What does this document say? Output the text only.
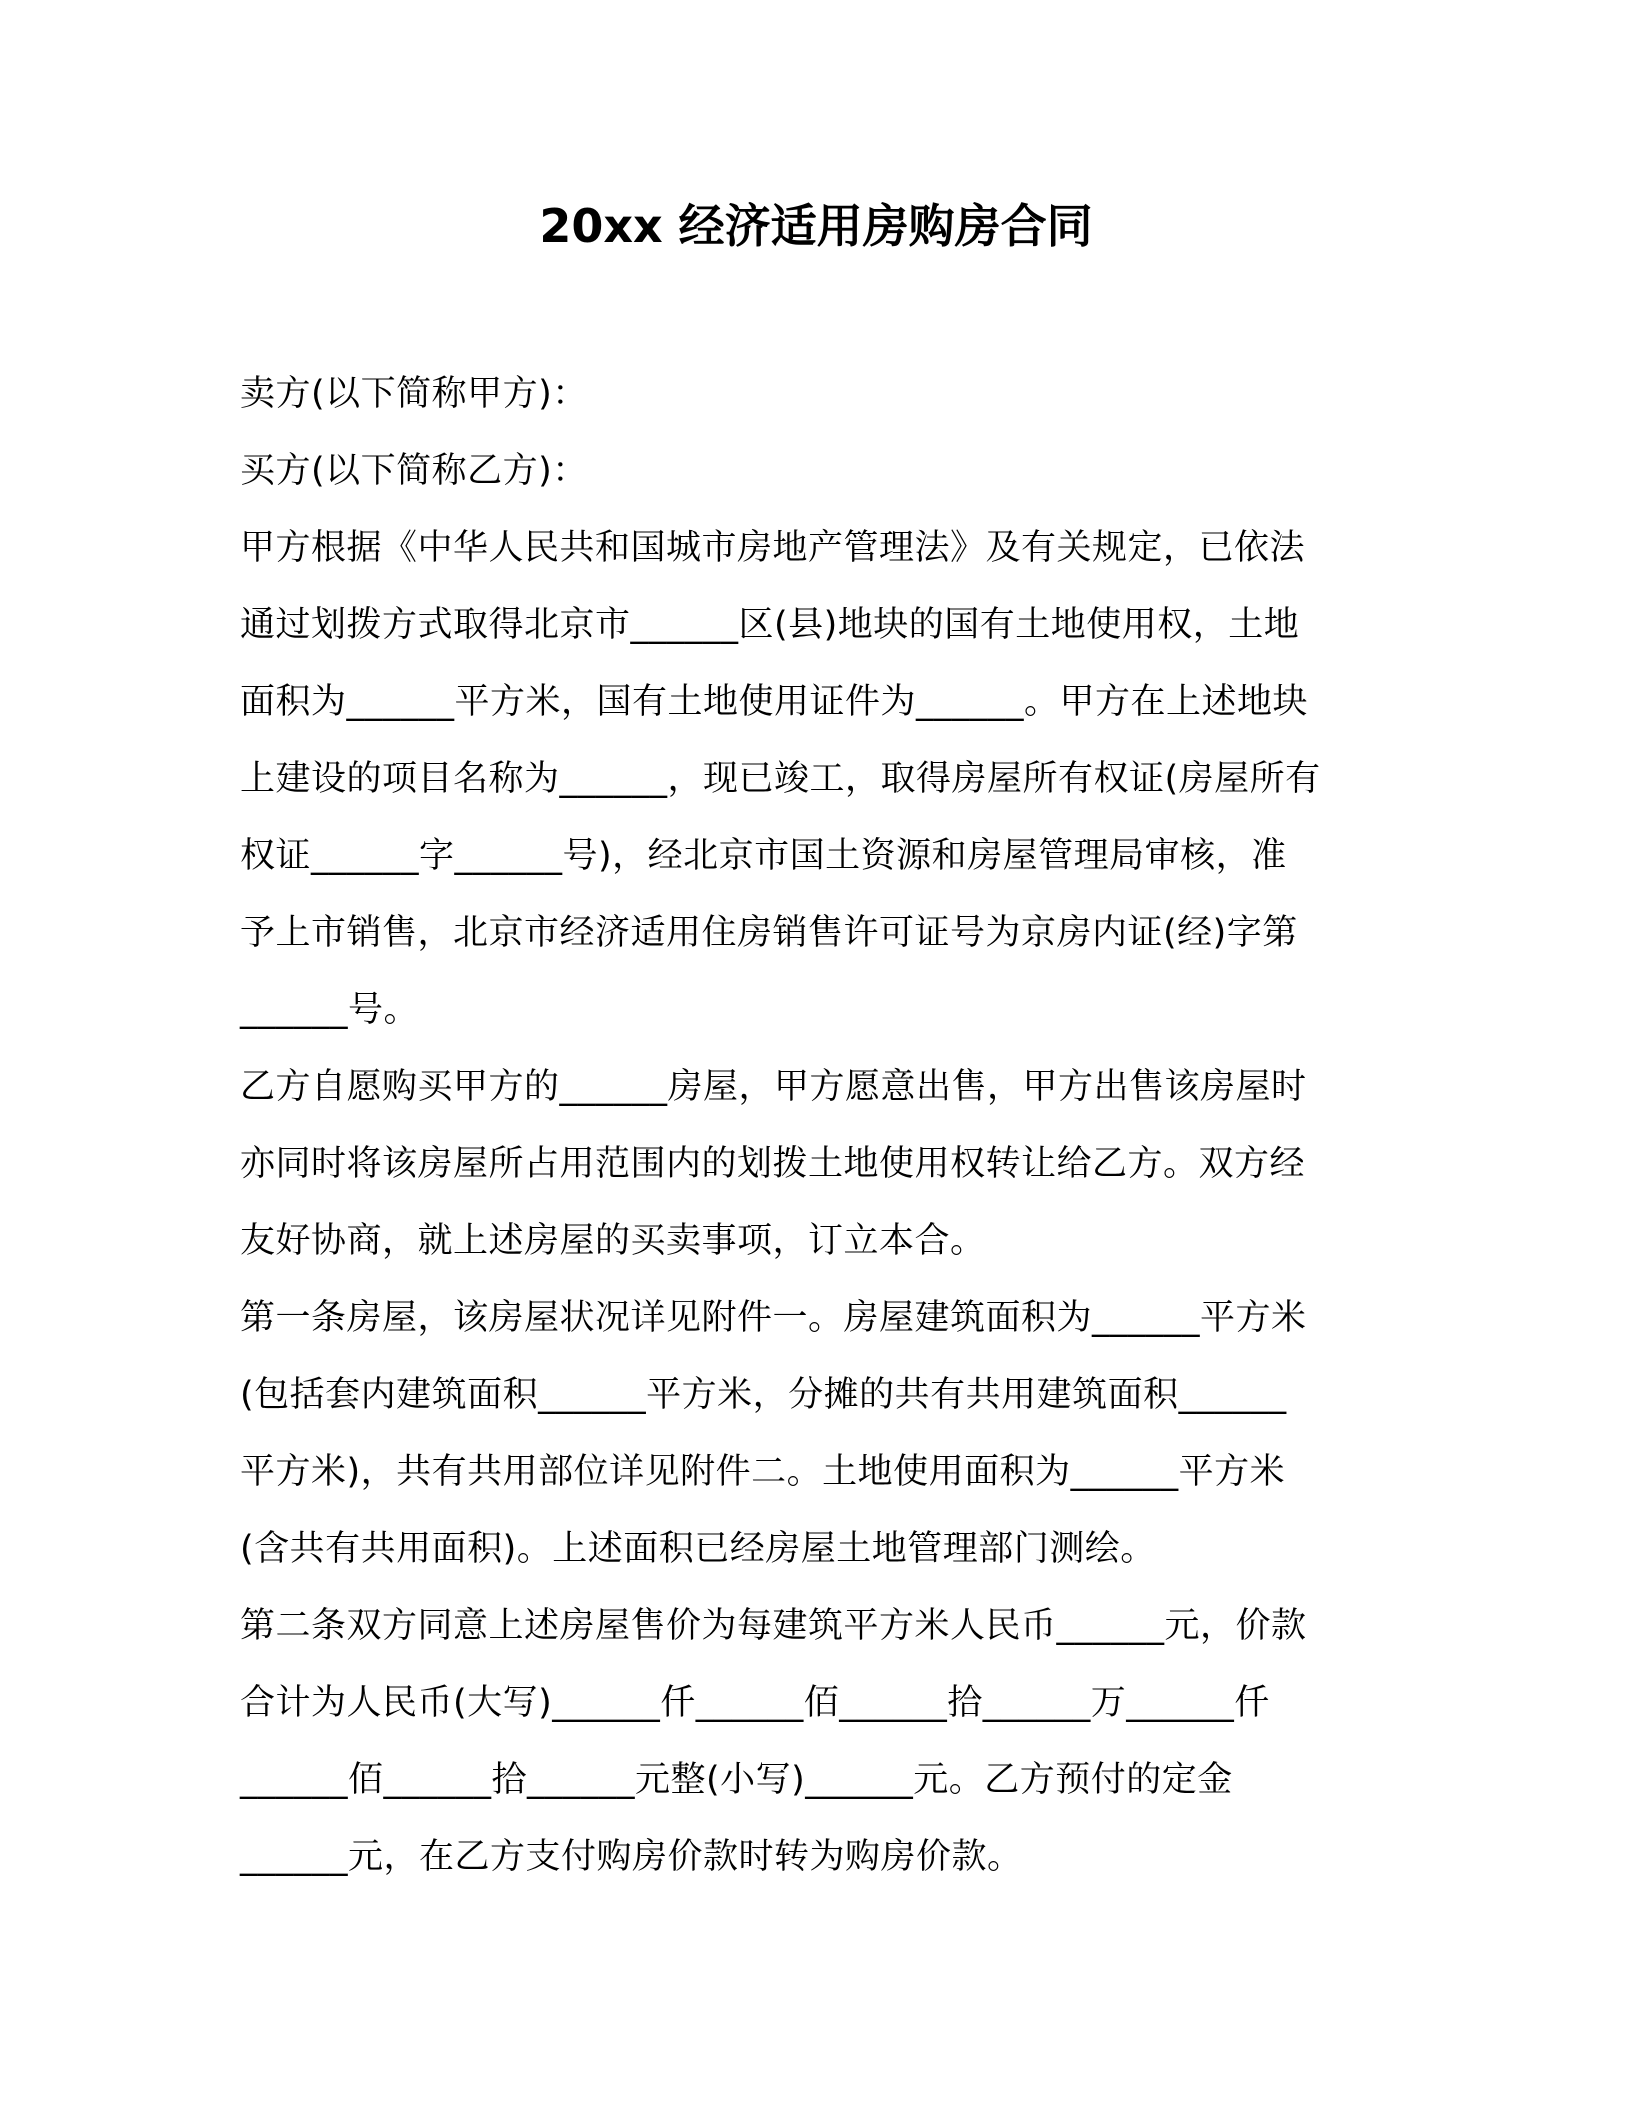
20xx 经济适用房购房合同
卖方(以下简称甲方)：
买方(以下简称乙方)：
甲方根据《中华人民共和国城市房地产管理法》及有关规定，已依法
通过划拨方式取得北京市______区(县)地块的国有土地使用权，土地
面积为______平方米，国有土地使用证件为______。甲方在上述地块
上建设的项目名称为______，现已竣工，取得房屋所有权证(房屋所有
权证______字______号)，经北京市国土资源和房屋管理局审核，准
予上市销售，北京市经济适用住房销售许可证号为京房内证(经)字第
______号。
乙方自愿购买甲方的______房屋，甲方愿意出售，甲方出售该房屋时
亦同时将该房屋所占用范围内的划拨土地使用权转让给乙方。双方经
友好协商，就上述房屋的买卖事项，订立本合。
第一条房屋，该房屋状况详见附件一。房屋建筑面积为______平方米
(包括套内建筑面积______平方米，分摊的共有共用建筑面积______
平方米)，共有共用部位详见附件二。土地使用面积为______平方米
(含共有共用面积)。上述面积已经房屋土地管理部门测绘。
第二条双方同意上述房屋售价为每建筑平方米人民币______元，价款
合计为人民币(大写)______仟______佰______拾______万______仟
______佰______拾______元整(小写)______元。乙方预付的定金
______元，在乙方支付购房价款时转为购房价款。
